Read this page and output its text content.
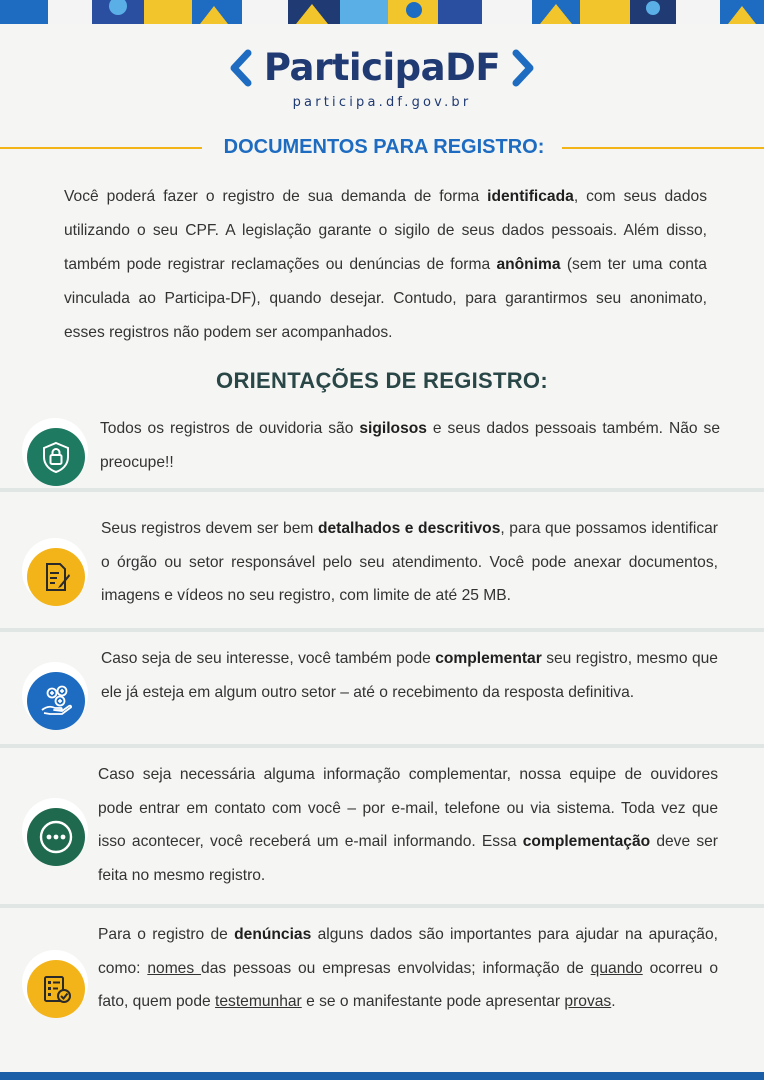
ParticipaDF
participa.df.gov.br
DOCUMENTOS PARA REGISTRO:
Você poderá fazer o registro de sua demanda de forma identificada, com seus dados utilizando o seu CPF. A legislação garante o sigilo de seus dados pessoais. Além disso, também pode registrar reclamações ou denúncias de forma anônima (sem ter uma conta vinculada ao Participa-DF), quando desejar. Contudo, para garantirmos seu anonimato, esses registros não podem ser acompanhados.
ORIENTAÇÕES DE REGISTRO:
Todos os registros de ouvidoria são sigilosos e seus dados pessoais também. Não se preocupe!!
Seus registros devem ser bem detalhados e descritivos, para que possamos identificar o órgão ou setor responsável pelo seu atendimento. Você pode anexar documentos, imagens e vídeos no seu registro, com limite de até 25 MB.
Caso seja de seu interesse, você também pode complementar seu registro, mesmo que ele já esteja em algum outro setor – até o recebimento da resposta definitiva.
Caso seja necessária alguma informação complementar, nossa equipe de ouvidores pode entrar em contato com você – por e-mail, telefone ou via sistema. Toda vez que isso acontecer, você receberá um e-mail informando. Essa complementação deve ser feita no mesmo registro.
Para o registro de denúncias alguns dados são importantes para ajudar na apuração, como: nomes das pessoas ou empresas envolvidas; informação de quando ocorreu o fato, quem pode testemunhar e se o manifestante pode apresentar provas.
